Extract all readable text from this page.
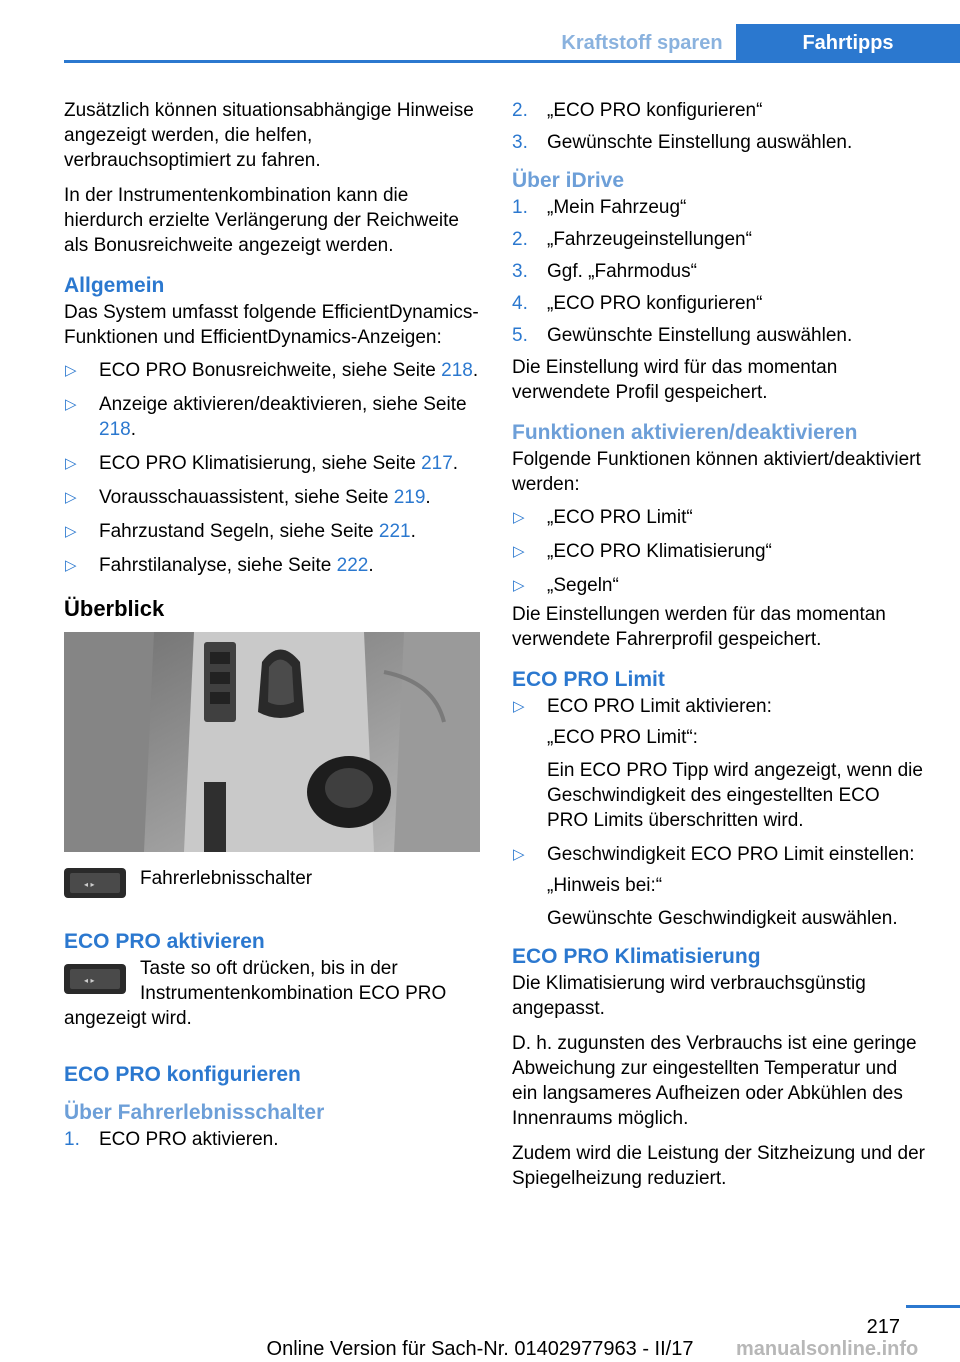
Kraftstoff sparen	Fahrtipps

Zusätzlich können situationsabhängige Hinweise angezeigt werden, die helfen, verbrauchsoptimiert zu fahren.

In der Instrumentenkombination kann die hierdurch erzielte Verlängerung der Reichweite als Bonusreichweite angezeigt werden.

Allgemein

Das System umfasst folgende EfficientDynamics-Funktionen und EfficientDynamics-Anzeigen:

▷ ECO PRO Bonusreichweite, siehe Seite 218.
▷ Anzeige aktivieren/deaktivieren, siehe Seite 218.
▷ ECO PRO Klimatisierung, siehe Seite 217.
▷ Vorausschauassistent, siehe Seite 219.
▷ Fahrzustand Segeln, siehe Seite 221.
▷ Fahrstilanalyse, siehe Seite 222.
Überblick
◂ ▸ Fahrerlebnisschalter
ECO PRO aktivieren
◂ ▸
Taste so oft drücken, bis in der Instrumentenkombination ECO PRO angezeigt wird.
ECO PRO konfigurieren
Über Fahrerlebnisschalter
1.	ECO PRO aktivieren.
2.	„ECO PRO konfigurieren“
3.	Gewünschte Einstellung auswählen.
Über iDrive
1.	„Mein Fahrzeug“
2.	„Fahrzeugeinstellungen“
3.	Ggf. „Fahrmodus“
4.	„ECO PRO konfigurieren“
5.	Gewünschte Einstellung auswählen.

Die Einstellung wird für das momentan verwendete Profil gespeichert.

Funktionen aktivieren/deaktivieren

Folgende Funktionen können aktiviert/deaktiviert werden:

▷ „ECO PRO Limit“
▷ „ECO PRO Klimatisierung“
▷ „Segeln“

Die Einstellungen werden für das momentan verwendete Fahrerprofil gespeichert.

ECO PRO Limit
▷ ECO PRO Limit aktivieren:
„ECO PRO Limit“:
Ein ECO PRO Tipp wird angezeigt, wenn die Geschwindigkeit des eingestellten ECO PRO Limits überschritten wird.
▷ Geschwindigkeit ECO PRO Limit einstellen:
„Hinweis bei:“
Gewünschte Geschwindigkeit auswählen.
ECO PRO Klimatisierung

Die Klimatisierung wird verbrauchsgünstig angepasst.

D. h. zugunsten des Verbrauchs ist eine geringe Abweichung zur eingestellten Temperatur und ein langsameres Aufheizen oder Abkühlen des Innenraums möglich.

Zudem wird die Leistung der Sitzheizung und der Spiegelheizung reduziert.

217
manualsonline.info
Online Version für Sach-Nr. 01402977963 - II/17
